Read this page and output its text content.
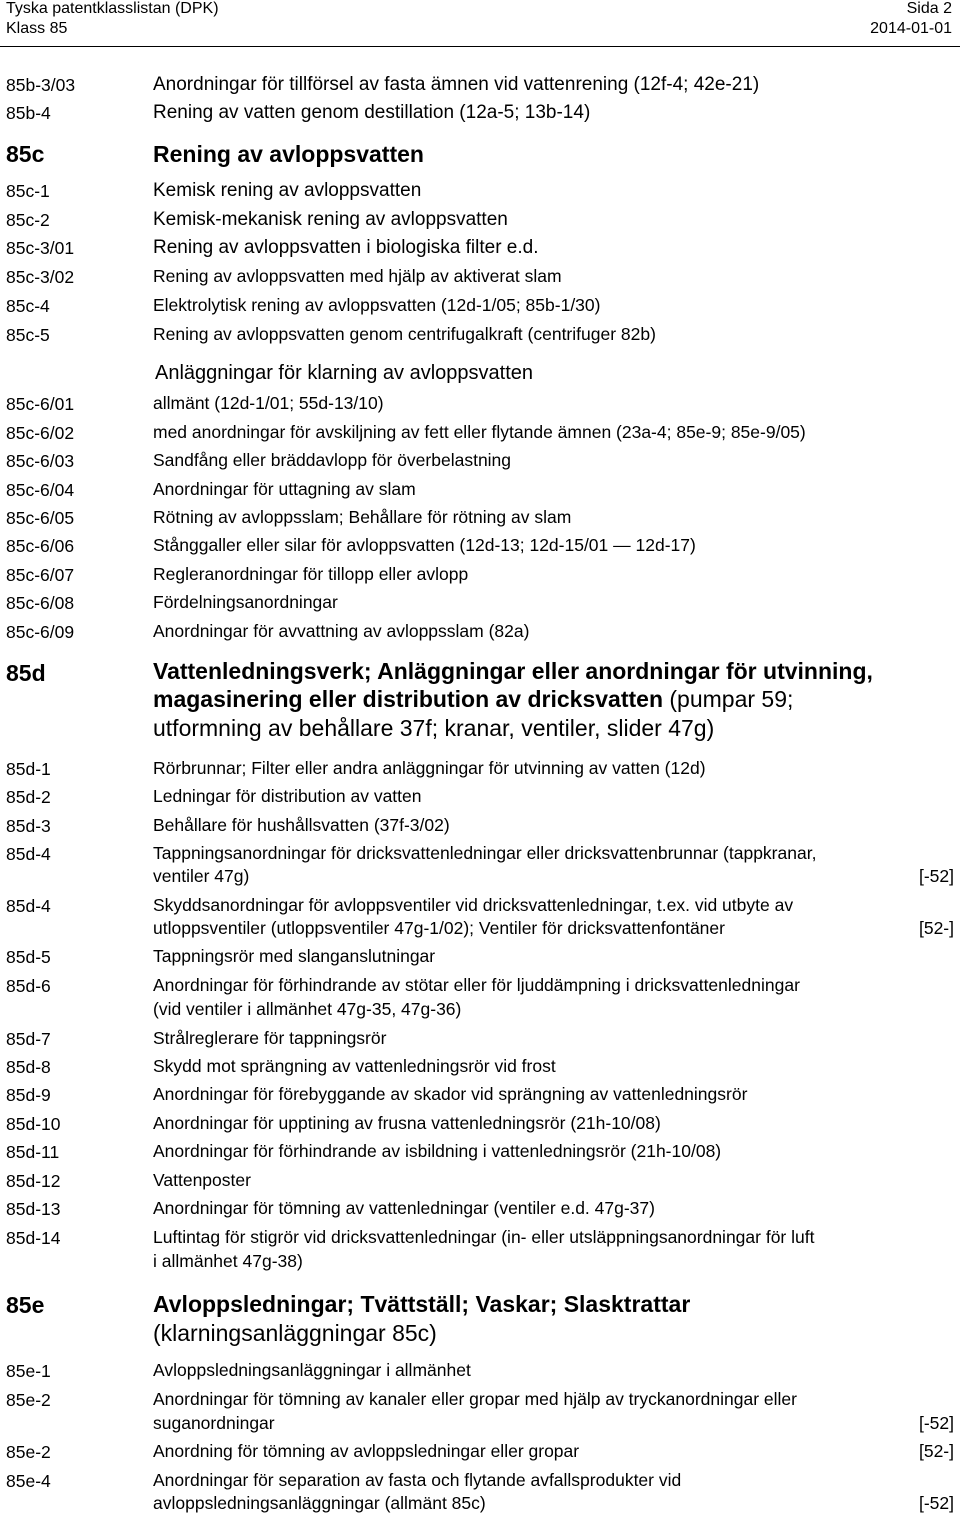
Tyska patentklasslistan (DPK)
Klass 85
Sida 2
2014-01-01
85b-3/03	Anordningar för tillförsel av fasta ämnen vid vattenrening (12f-4; 42e-21)
85b-4	Rening av vatten genom destillation (12a-5; 13b-14)
85c	Rening av avloppsvatten
85c-1	Kemisk rening av avloppsvatten
85c-2	Kemisk-mekanisk rening av avloppsvatten
85c-3/01	Rening av avloppsvatten i biologiska filter e.d.
85c-3/02	Rening av avloppsvatten med hjälp av aktiverat slam
85c-4	Elektrolytisk rening av avloppsvatten (12d-1/05; 85b-1/30)
85c-5	Rening av avloppsvatten genom centrifugalkraft (centrifuger 82b)
Anläggningar för klarning av avloppsvatten
85c-6/01	allmänt (12d-1/01; 55d-13/10)
85c-6/02	med anordningar för avskiljning av fett eller flytande ämnen (23a-4; 85e-9; 85e-9/05)
85c-6/03	Sandfång eller bräddavlopp för överbelastning
85c-6/04	Anordningar för uttagning av slam
85c-6/05	Rötning av avloppsslam; Behållare för rötning av slam
85c-6/06	Stånggaller eller silar för avloppsvatten (12d-13; 12d-15/01 — 12d-17)
85c-6/07	Regleranordningar för tillopp eller avlopp
85c-6/08	Fördelningsanordningar
85c-6/09	Anordningar för avvattning av avloppsslam (82a)
85d	Vattenledningsverk; Anläggningar eller anordningar för utvinning,
magasinering eller distribution av dricksvatten (pumpar 59;
utformning av behållare 37f; kranar, ventiler, slider 47g)
85d-1	Rörbrunnar; Filter eller andra anläggningar för utvinning av vatten (12d)
85d-2	Ledningar för distribution av vatten
85d-3	Behållare för hushållsvatten (37f-3/02)
85d-4	Tappningsanordningar för dricksvattenledningar eller dricksvattenbrunnar (tappkranar,
ventiler 47g)	[-52]
85d-4	Skyddsanordningar för avloppsventiler vid dricksvattenledningar, t.ex. vid utbyte av
utloppsventiler (utloppsventiler 47g-1/02); Ventiler för dricksvattenfontäner	[52-]
85d-5	Tappningsrör med slanganslutningar
85d-6	Anordningar för förhindrande av stötar eller för ljuddämpning i dricksvattenledningar
(vid ventiler i allmänhet 47g-35, 47g-36)
85d-7	Strålreglerare för tappningsrör
85d-8	Skydd mot sprängning av vattenledningsrör vid frost
85d-9	Anordningar för förebyggande av skador vid sprängning av vattenledningsrör
85d-10	Anordningar för upptining av frusna vattenledningsrör (21h-10/08)
85d-11	Anordningar för förhindrande av isbildning i vattenledningsrör (21h-10/08)
85d-12	Vattenposter
85d-13	Anordningar för tömning av vattenledningar (ventiler e.d. 47g-37)
85d-14	Luftintag för stigrör vid dricksvattenledningar (in- eller utsläppningsanordningar för luft
i allmänhet 47g-38)
85e	Avloppsledningar; Tvättställ; Vaskar; Slasktrattar
(klarningsanläggningar 85c)
85e-1	Avloppsledningsanläggningar i allmänhet
85e-2	Anordningar för tömning av kanaler eller gropar med hjälp av tryckanordningar eller
suganordningar	[-52]
85e-2	Anordning för tömning av avloppsledningar eller gropar	[52-]
85e-4	Anordningar för separation av fasta och flytande avfallsprodukter vid
avloppsledningsanläggningar (allmänt 85c)	[-52]
